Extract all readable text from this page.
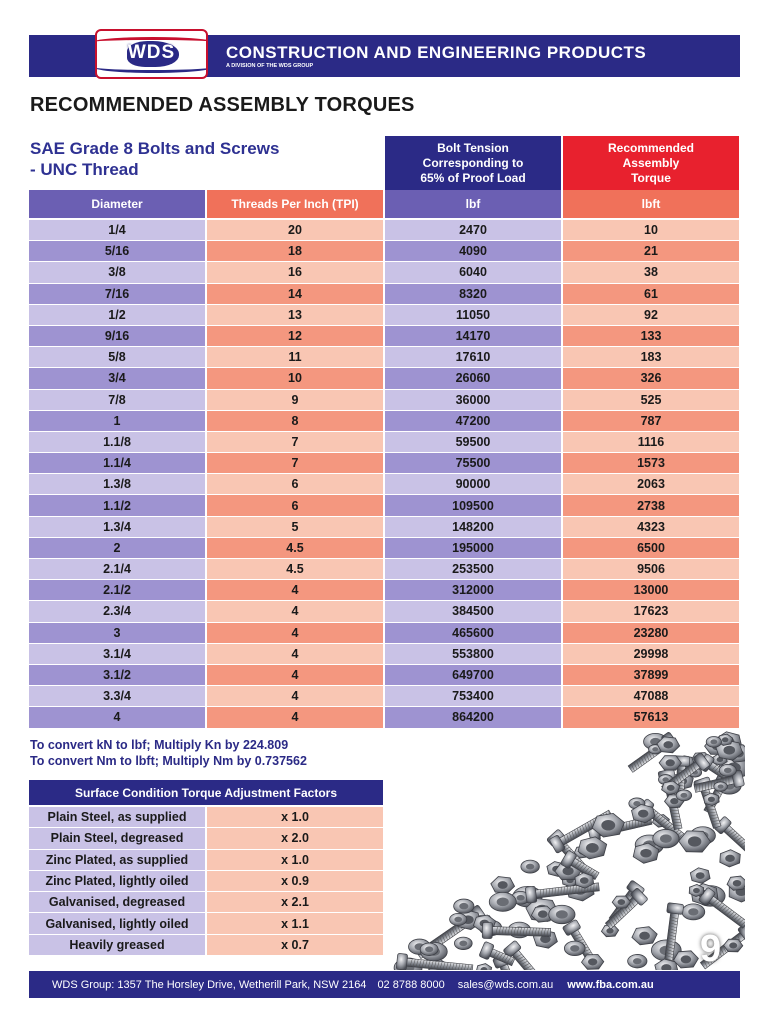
WDS	CONSTRUCTION AND ENGINEERING PRODUCTS
A DIVISION OF THE WDS GROUP
RECOMMENDED ASSEMBLY TORQUES
SAE Grade 8 Bolts and Screws
- UNC Thread
Bolt Tension
Corresponding to
65% of Proof Load
Recommended
Assembly
Torque
Diameter	Threads Per Inch (TPI)	lbf	lbft
1/4	20	2470	10
5/16	18	4090	21
3/8	16	6040	38
7/16	14	8320	61
1/2	13	11050	92
9/16	12	14170	133
5/8	11	17610	183
3/4	10	26060	326
7/8	9	36000	525
1	8	47200	787
1.1/8	7	59500	1116
1.1/4	7	75500	1573
1.3/8	6	90000	2063
1.1/2	6	109500	2738
1.3/4	5	148200	4323
2	4.5	195000	6500
2.1/4	4.5	253500	9506
2.1/2	4	312000	13000
2.3/4	4	384500	17623
3	4	465600	23280
3.1/4	4	553800	29998
3.1/2	4	649700	37899
3.3/4	4	753400	47088
4	4	864200	57613
To convert kN to lbf; Multiply Kn by 224.809
To convert Nm to lbft; Multiply Nm by 0.737562
9
Surface Condition Torque Adjustment Factors
Plain Steel, as supplied	x 1.0
Plain Steel, degreased	x 2.0
Zinc Plated, as supplied	x 1.0
Zinc Plated, lightly oiled	x 0.9
Galvanised, degreased	x 2.1
Galvanised, lightly oiled	x 1.1
Heavily greased	x 0.7
WDS Group: 1357 The Horsley Drive, Wetherill Park, NSW 2164 02 8788 8000 sales@wds.com.au www.fba.com.au
